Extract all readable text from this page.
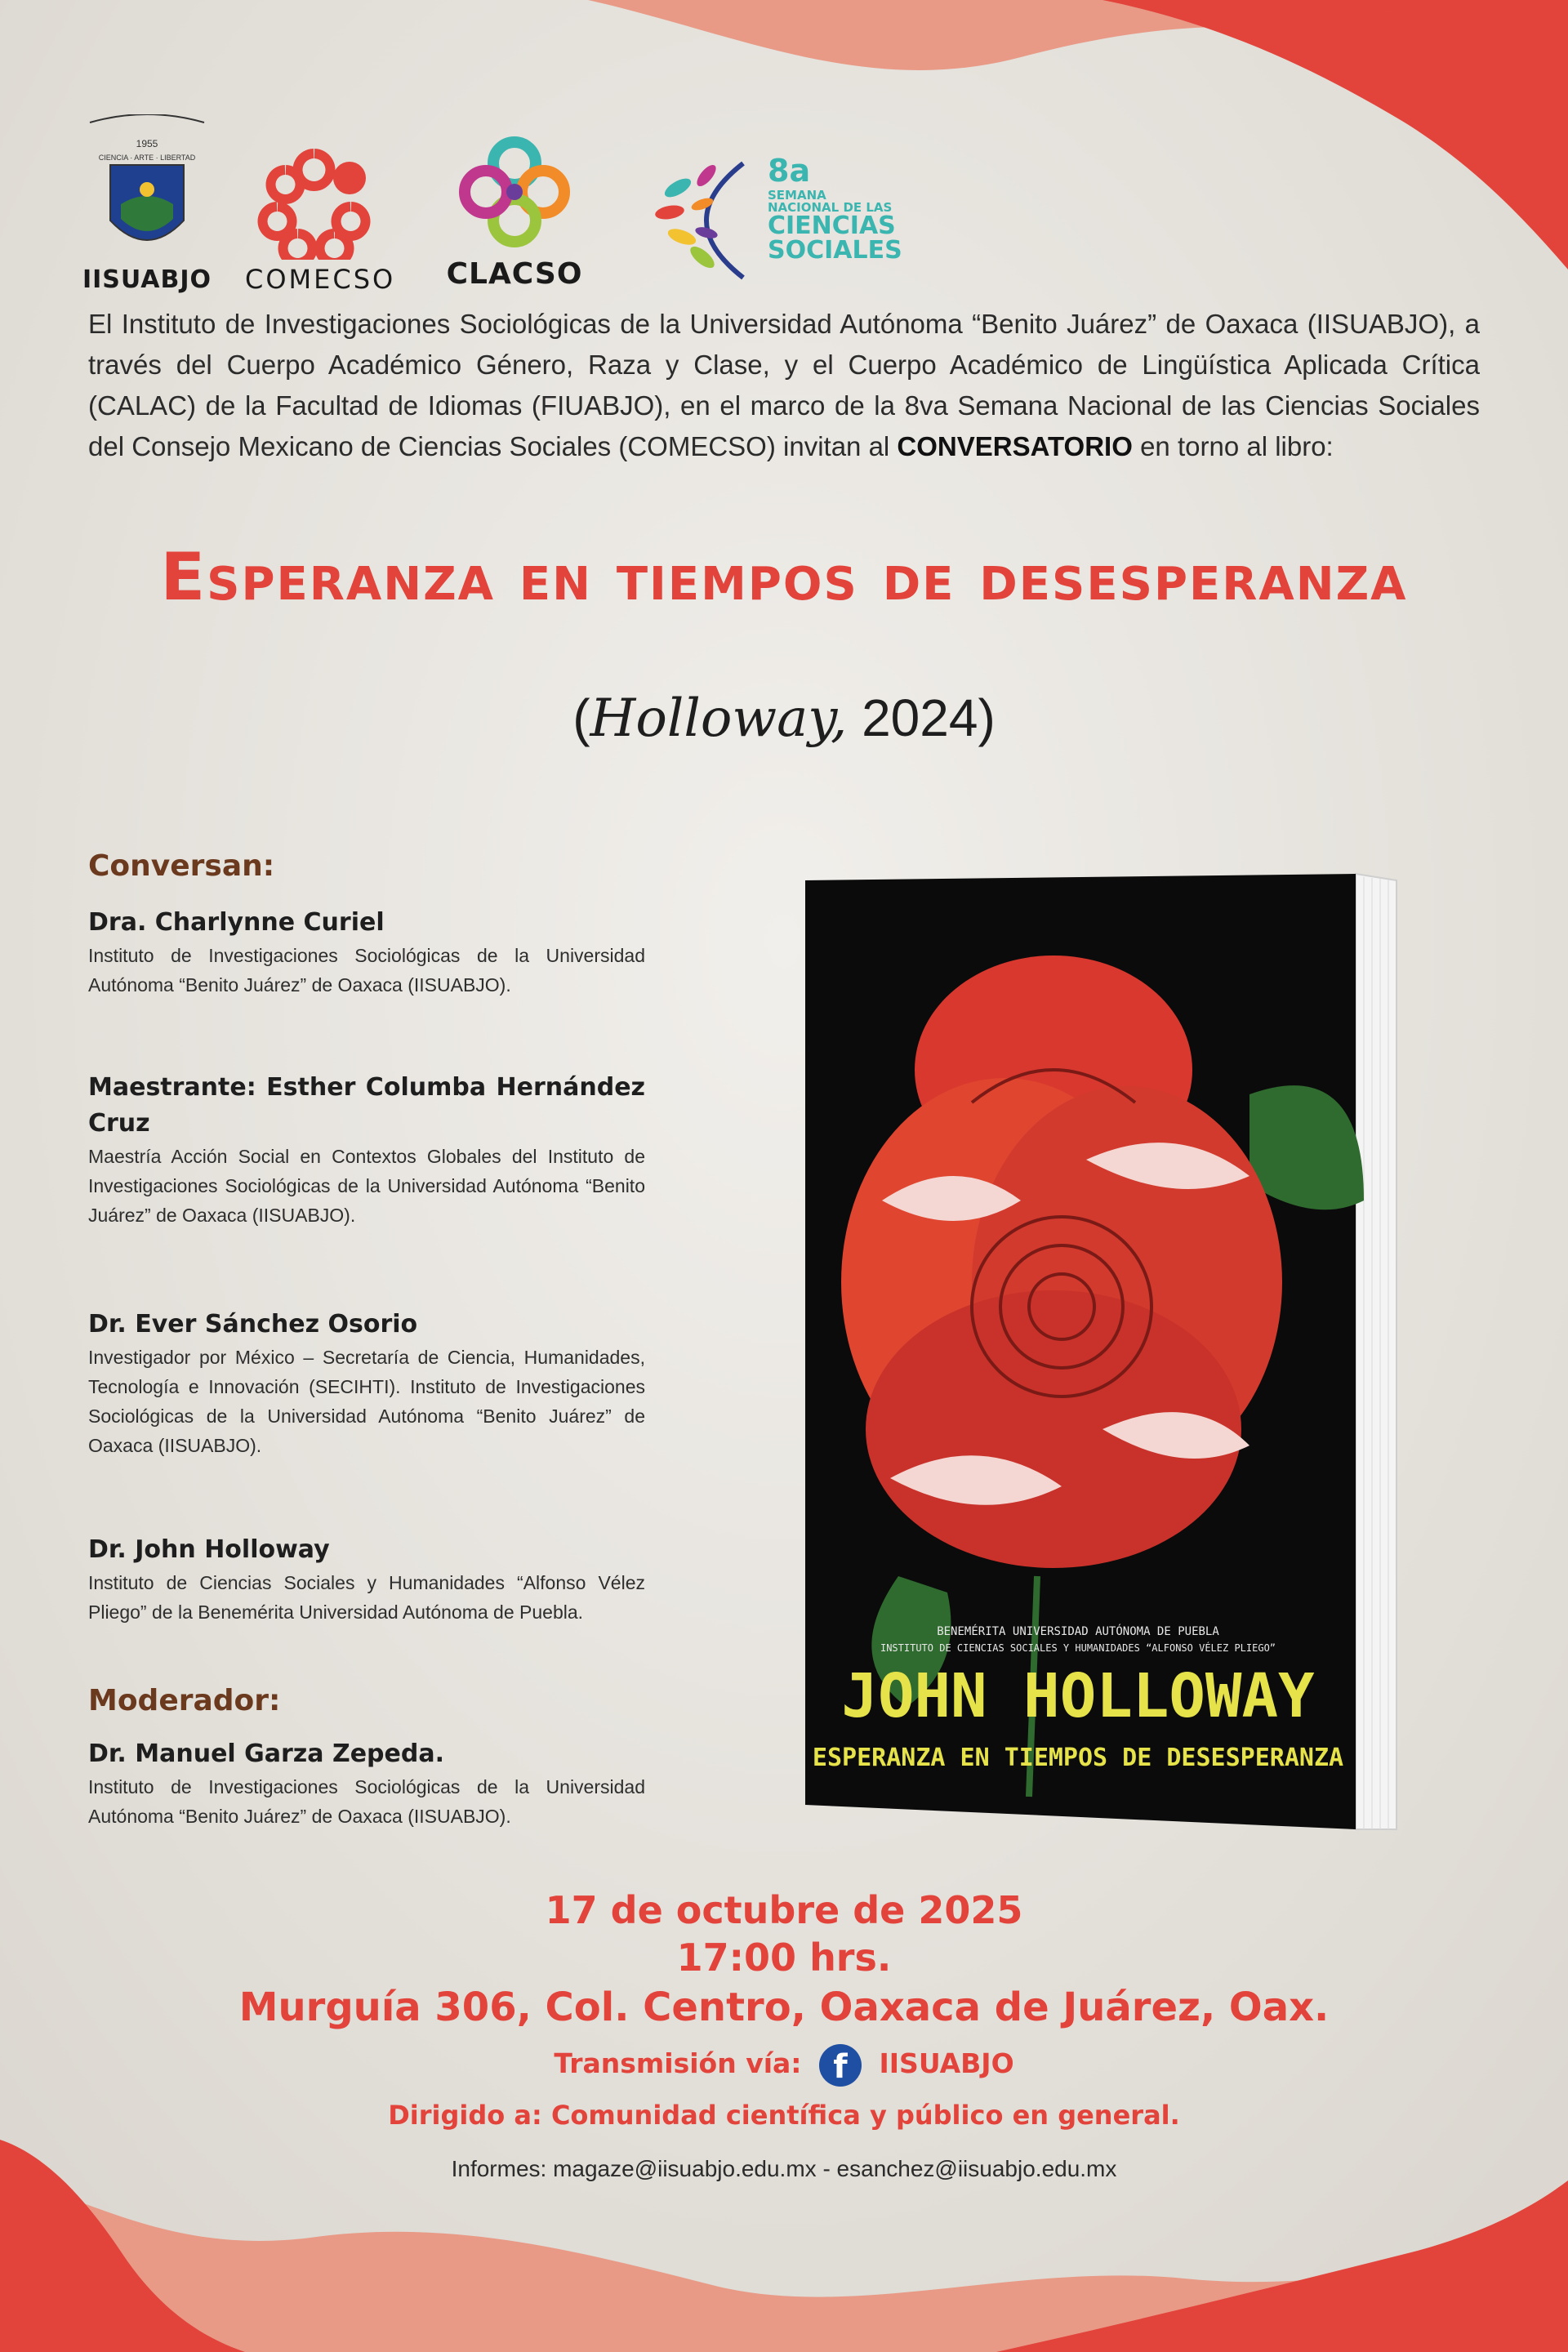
1955
CIENCIA · ARTE · LIBERTAD
IISUABJO	COMECSO	CLACSO
8a
SEMANA
NACIONAL DE LAS
CIENCIAS
SOCIALES
El Instituto de Investigaciones Sociológicas de la Universidad Autónoma “Benito Juárez” de Oaxaca (IISUABJO), a través del Cuerpo Académico Género, Raza y Clase, y el Cuerpo Académico de Lingüística Aplicada Crítica (CALAC) de la Facultad de Idiomas (FIUABJO), en el marco de la 8va Semana Nacional de las Ciencias Sociales del Consejo Mexicano de Ciencias Sociales (COMECSO) invitan al CONVERSATORIO en torno al libro:
Esperanza en tiempos de desesperanza
(Holloway, 2024)
Conversan:
Dra. Charlynne Curiel
Instituto de Investigaciones Sociológicas de la Universidad Autónoma “Benito Juárez” de Oaxaca (IISUABJO).
Maestrante: Esther Columba Hernández Cruz
Maestría Acción Social en Contextos Globales del Instituto de Investigaciones Sociológicas de la Universidad Autónoma “Benito Juárez” de Oaxaca (IISUABJO).
Dr. Ever Sánchez Osorio
Investigador por México – Secretaría de Ciencia, Humanidades, Tecnología e Innovación (SECIHTI). Instituto de Investigaciones Sociológicas de la Universidad Autónoma “Benito Juárez” de Oaxaca (IISUABJO).
Dr. John Holloway
Instituto de Ciencias Sociales y Humanidades “Alfonso Vélez Pliego” de la Benemérita Universidad Autónoma de Puebla.
Moderador:
Dr. Manuel Garza Zepeda.
Instituto de Investigaciones Sociológicas de la Universidad Autónoma “Benito Juárez” de Oaxaca (IISUABJO).
BENEMÉRITA UNIVERSIDAD AUTÓNOMA DE PUEBLA
INSTITUTO DE CIENCIAS SOCIALES Y HUMANIDADES “ALFONSO VÉLEZ PLIEGO”
JOHN HOLLOWAY
ESPERANZA EN TIEMPOS DE DESESPERANZA
17 de octubre de 2025
17:00 hrs.
Murguía 306, Col. Centro, Oaxaca de Juárez, Oax.
Transmisión vía: f IISUABJO
Dirigido a: Comunidad científica y público en general.
Informes: magaze@iisuabjo.edu.mx - esanchez@iisuabjo.edu.mx
